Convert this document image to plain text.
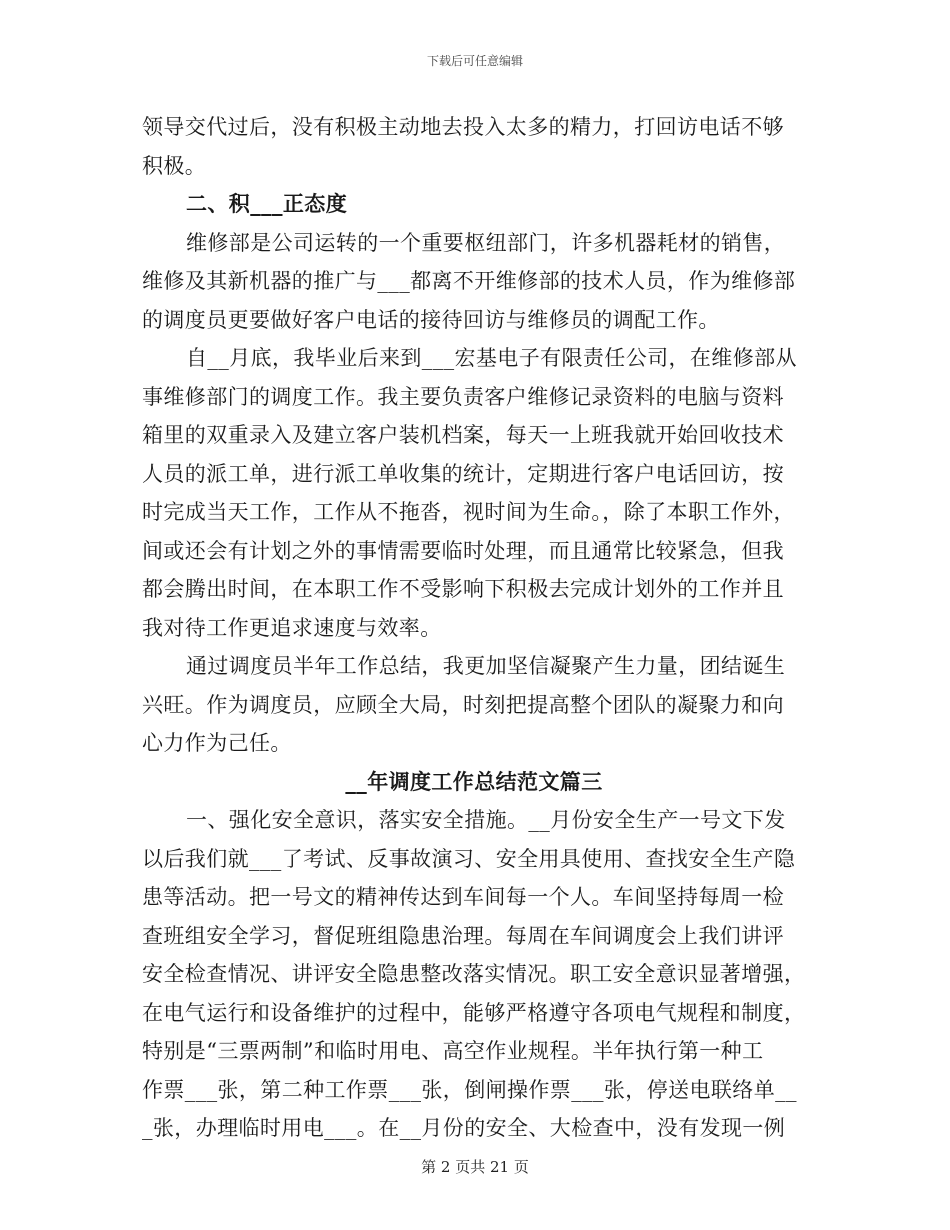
下载后可任意编辑
领导交代过后，没有积极主动地去投入太多的精力，打回访电话不够
积极。
二、积___正态度
维修部是公司运转的一个重要枢纽部门，许多机器耗材的销售，
维修及其新机器的推广与___都离不开维修部的技术人员，作为维修部
的调度员更要做好客户电话的接待回访与维修员的调配工作。
自__月底，我毕业后来到___宏基电子有限责任公司，在维修部从
事维修部门的调度工作。我主要负责客户维修记录资料的电脑与资料
箱里的双重录入及建立客户装机档案，每天一上班我就开始回收技术
人员的派工单，进行派工单收集的统计，定期进行客户电话回访，按
时完成当天工作，工作从不拖沓，视时间为生命。，除了本职工作外，
间或还会有计划之外的事情需要临时处理，而且通常比较紧急，但我
都会腾出时间，在本职工作不受影响下积极去完成计划外的工作并且
我对待工作更追求速度与效率。
通过调度员半年工作总结，我更加坚信凝聚产生力量，团结诞生
兴旺。作为调度员，应顾全大局，时刻把提高整个团队的凝聚力和向
心力作为己任。
__年调度工作总结范文篇三
一、强化安全意识，落实安全措施。__月份安全生产一号文下发
以后我们就___了考试、反事故演习、安全用具使用、查找安全生产隐
患等活动。把一号文的精神传达到车间每一个人。车间坚持每周一检
查班组安全学习，督促班组隐患治理。每周在车间调度会上我们讲评
安全检查情况、讲评安全隐患整改落实情况。职工安全意识显著增强，
在电气运行和设备维护的过程中，能够严格遵守各项电气规程和制度，
特别是“三票两制”和临时用电、高空作业规程。半年执行第一种工
作票___张，第二种工作票___张，倒闸操作票___张，停送电联络单__
_张，办理临时用电___。在__月份的安全、大检查中，没有发现一例
第 2 页共 21 页
